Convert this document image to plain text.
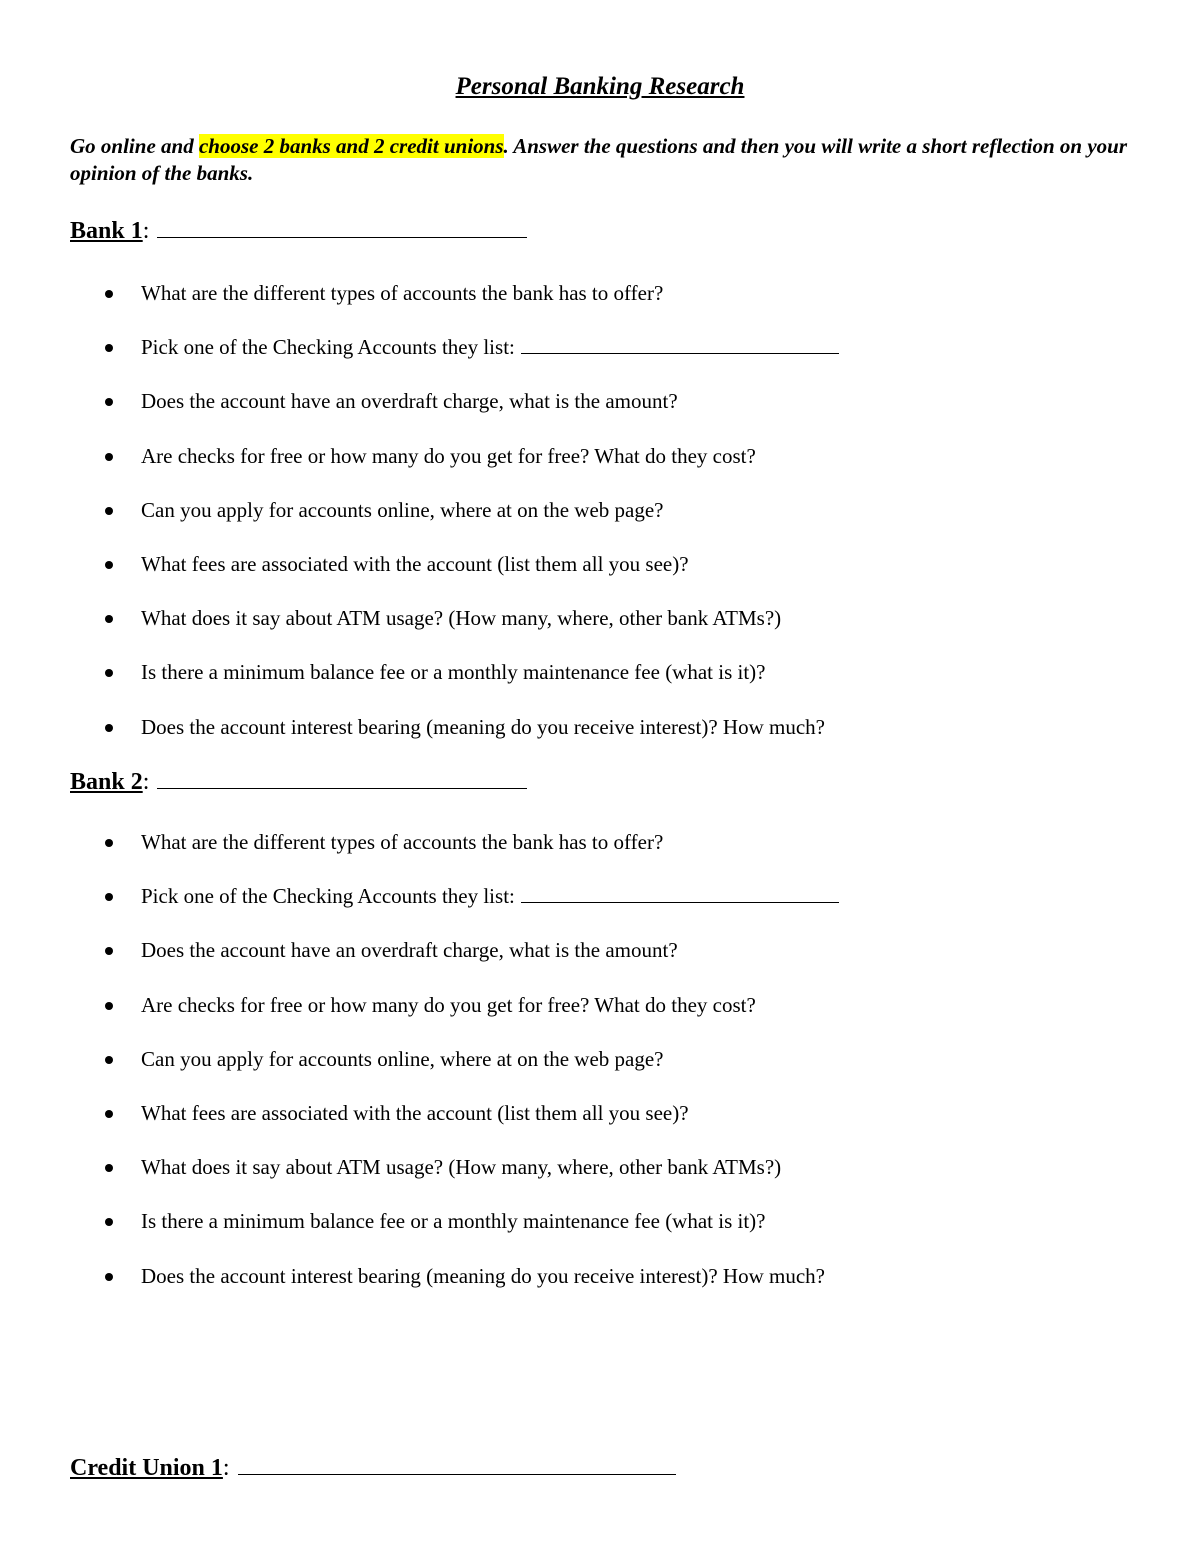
Personal Banking Research
Go online and choose 2 banks and 2 credit unions. Answer the questions and then you will write a short reflection on your opinion of the banks.
Bank 1:
What are the different types of accounts the bank has to offer?
Pick one of the Checking Accounts they list:
Does the account have an overdraft charge, what is the amount?
Are checks for free or how many do you get for free? What do they cost?
Can you apply for accounts online, where at on the web page?
What fees are associated with the account (list them all you see)?
What does it say about ATM usage? (How many, where, other bank ATMs?)
Is there a minimum balance fee or a monthly maintenance fee (what is it)?
Does the account interest bearing (meaning do you receive interest)? How much?
Bank 2:
What are the different types of accounts the bank has to offer?
Pick one of the Checking Accounts they list:
Does the account have an overdraft charge, what is the amount?
Are checks for free or how many do you get for free? What do they cost?
Can you apply for accounts online, where at on the web page?
What fees are associated with the account (list them all you see)?
What does it say about ATM usage? (How many, where, other bank ATMs?)
Is there a minimum balance fee or a monthly maintenance fee (what is it)?
Does the account interest bearing (meaning do you receive interest)? How much?
Credit Union 1:
